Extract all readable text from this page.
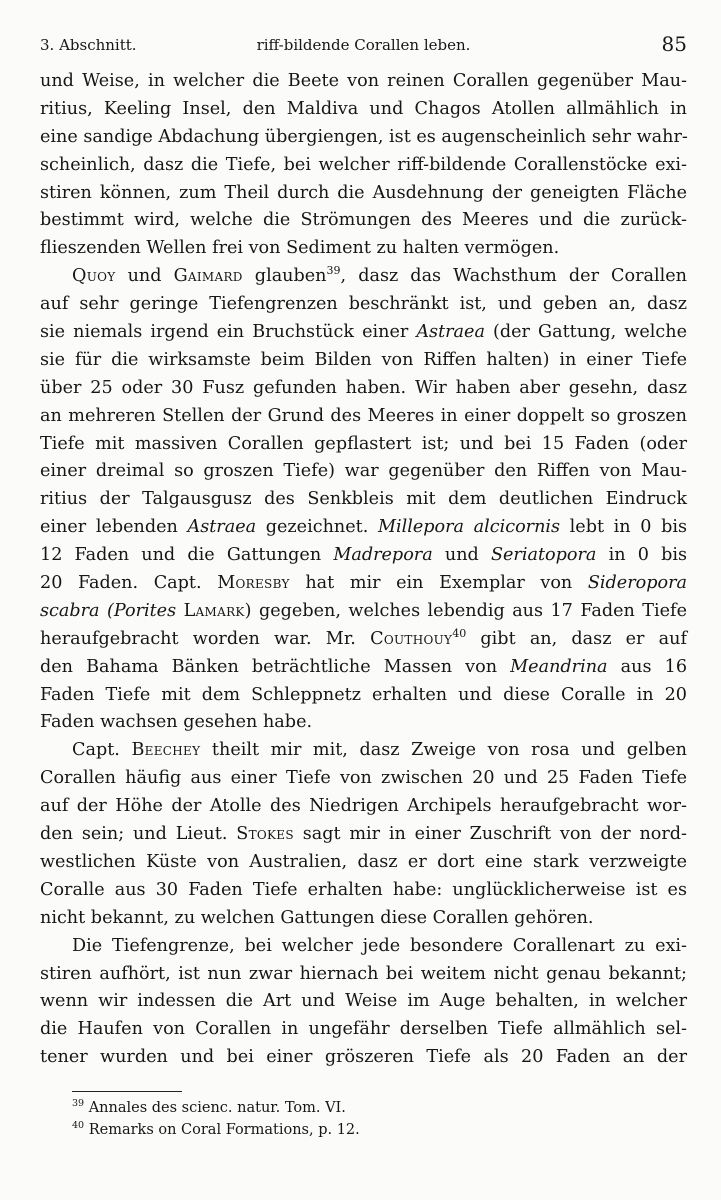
3. Abschnitt.	riff-bildende Corallen leben.	85
und Weise, in welcher die Beete von reinen Corallen gegenüber Mau-
ritius, Keeling Insel, den Maldiva und Chagos Atollen allmählich in
eine sandige Abdachung übergiengen, ist es augenscheinlich sehr wahr-
scheinlich, dasz die Tiefe, bei welcher riff-bildende Corallenstöcke exi-
stiren können, zum Theil durch die Ausdehnung der geneigten Fläche
bestimmt wird, welche die Strömungen des Meeres und die zurück-
flieszenden Wellen frei von Sediment zu halten vermögen.
Quoy und Gaimard glauben$^{39}$, dasz das Wachsthum der Corallen
auf sehr geringe Tiefengrenzen beschränkt ist, und geben an, dasz
sie niemals irgend ein Bruchstück einer Astraea (der Gattung, welche
sie für die wirksamste beim Bilden von Riffen halten) in einer Tiefe
über 25 oder 30 Fusz gefunden haben. Wir haben aber gesehn, dasz
an mehreren Stellen der Grund des Meeres in einer doppelt so groszen
Tiefe mit massiven Corallen gepflastert ist; und bei 15 Faden (oder
einer dreimal so groszen Tiefe) war gegenüber den Riffen von Mau-
ritius der Talgausgusz des Senkbleis mit dem deutlichen Eindruck
einer lebenden Astraea gezeichnet. Millepora alcicornis lebt in 0 bis
12 Faden und die Gattungen Madrepora und Seriatopora in 0 bis
20 Faden. Capt. Moresby hat mir ein Exemplar von Sideropora
scabra (Porites Lamark) gegeben, welches lebendig aus 17 Faden Tiefe
heraufgebracht worden war. Mr. Couthouy$^{40}$ gibt an, dasz er auf
den Bahama Bänken beträchtliche Massen von Meandrina aus 16
Faden Tiefe mit dem Schleppnetz erhalten und diese Coralle in 20
Faden wachsen gesehen habe.
Capt. Beechey theilt mir mit, dasz Zweige von rosa und gelben
Corallen häufig aus einer Tiefe von zwischen 20 und 25 Faden Tiefe
auf der Höhe der Atolle des Niedrigen Archipels heraufgebracht wor-
den sein; und Lieut. Stokes sagt mir in einer Zuschrift von der nord-
westlichen Küste von Australien, dasz er dort eine stark verzweigte
Coralle aus 30 Faden Tiefe erhalten habe: unglücklicherweise ist es
nicht bekannt, zu welchen Gattungen diese Corallen gehören.
Die Tiefengrenze, bei welcher jede besondere Corallenart zu exi-
stiren aufhört, ist nun zwar hiernach bei weitem nicht genau bekannt;
wenn wir indessen die Art und Weise im Auge behalten, in welcher
die Haufen von Corallen in ungefähr derselben Tiefe allmählich sel-
tener wurden und bei einer gröszeren Tiefe als 20 Faden an der
$^{39}$ Annales des scienc. natur. Tom. VI.
$^{40}$ Remarks on Coral Formations, p. 12.
